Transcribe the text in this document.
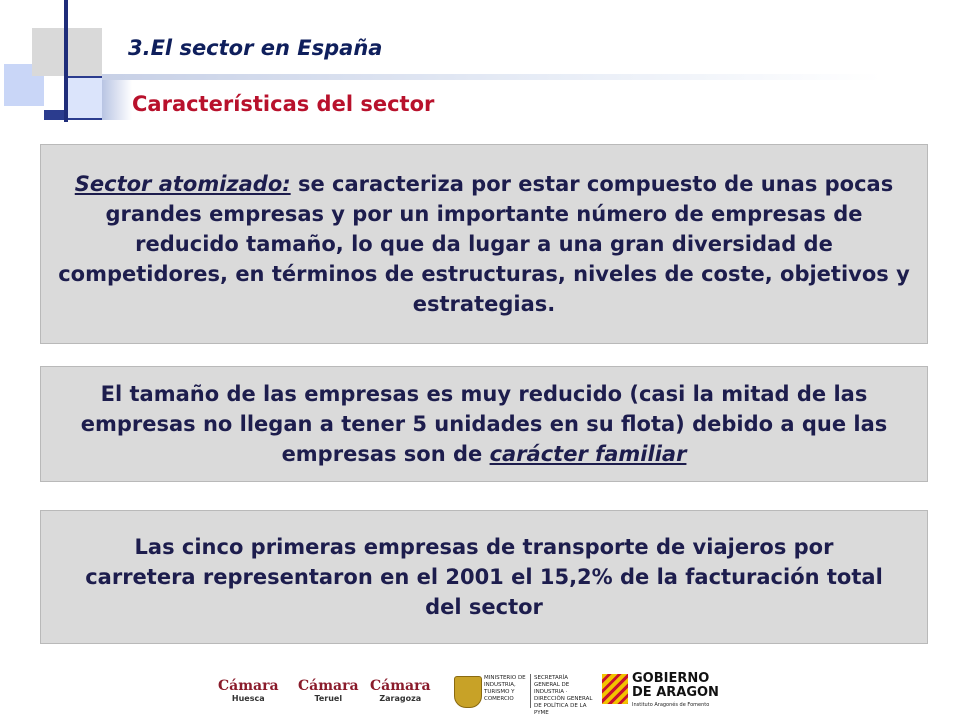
3.El sector en España
Características del sector

Sector atomizado: se caracteriza por estar compuesto de unas pocas grandes empresas y por un importante número de empresas de reducido tamaño, lo que da lugar a una gran diversidad de competidores, en términos de estructuras, niveles de coste, objetivos y estrategias.

El tamaño de las empresas es muy reducido (casi la mitad de las empresas no llegan a tener 5 unidades en su flota) debido a que las empresas son de carácter familiar

Las cinco primeras empresas de transporte de viajeros por carretera representaron en el 2001 el 15,2% de la facturación total del sector

Cámara
Huesca
Cámara
Teruel
Cámara
Zaragoza
MINISTERIO DE INDUSTRIA, TURISMO Y COMERCIO
SECRETARÍA GENERAL DE INDUSTRIA · DIRECCIÓN GENERAL DE POLÍTICA DE LA PYME
GOBIERNO
DE ARAGON
Instituto Aragonés de Fomento
